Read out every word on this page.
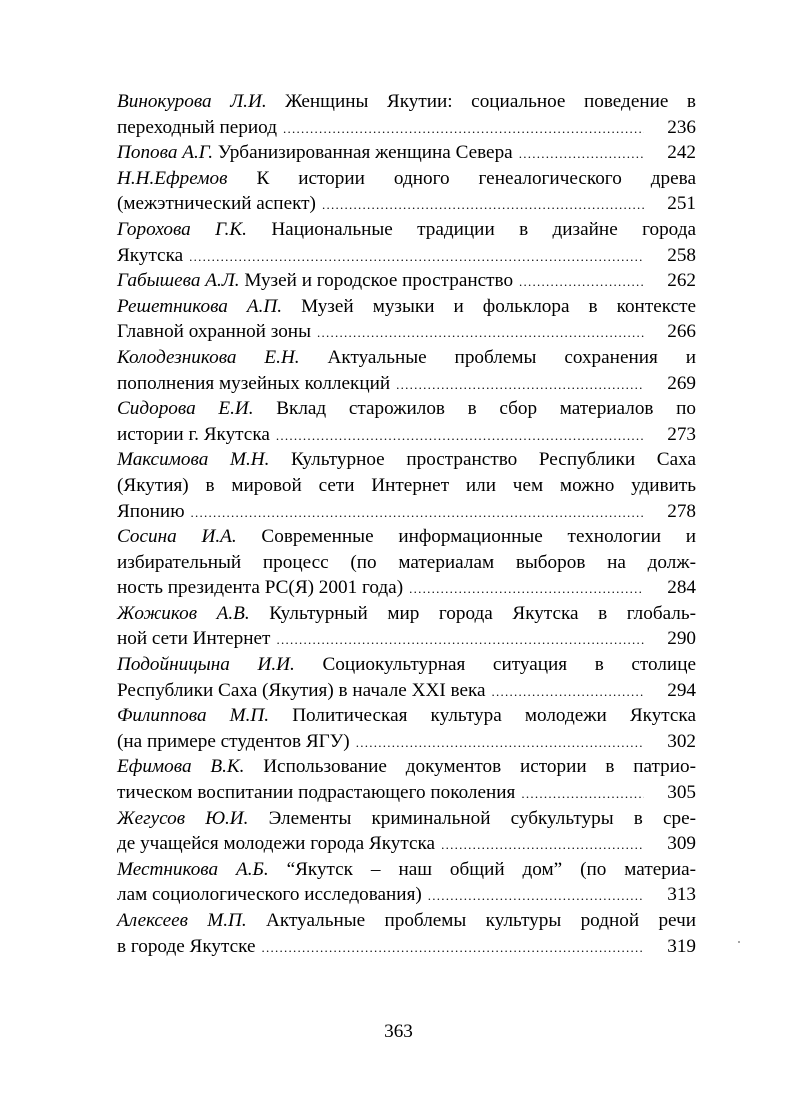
Винокурова Л.И. Женщины Якутии: социальное поведение в
переходный период . . .	236
Попова А.Г. Урбанизированная женщина Севера . . .	242
Н.Н.Ефремов К истории одного генеалогического древа
(межэтнический аспект) . . .	251
Горохова Г.К. Национальные традиции в дизайне города
Якутска . . .	258
Габышева А.Л. Музей и городское пространство . . .	262
Решетникова А.П. Музей музыки и фольклора в контексте
Главной охранной зоны . . .	266
Колодезникова Е.Н. Актуальные проблемы сохранения и
пополнения музейных коллекций . . .	269
Сидорова Е.И. Вклад старожилов в сбор материалов по
истории г. Якутска . . .	273
Максимова М.Н. Культурное пространство Республики Саха
(Якутия) в мировой сети Интернет или чем можно удивить
Японию . . .	278
Сосина И.А. Современные информационные технологии и
избирательный процесс (по материалам выборов на долж-
ность президента РС(Я) 2001 года) . . .	284
Жожиков А.В. Культурный мир города Якутска в глобаль-
ной сети Интернет . . .	290
Подойницына И.И. Социокультурная ситуация в столице
Республики Саха (Якутия) в начале XXI века . . .	294
Филиппова М.П. Политическая культура молодежи Якутска
(на примере студентов ЯГУ) . . .	302
Ефимова В.К. Использование документов истории в патрио-
тическом воспитании подрастающего поколения . . .	305
Жегусов Ю.И. Элементы криминальной субкультуры в сре-
де учащейся молодежи города Якутска . . .	309
Местникова А.Б. “Якутск – наш общий дом” (по материа-
лам социологического исследования) . . .	313
Алексеев М.П. Актуальные проблемы культуры родной речи
в городе Якутске . . .	319
363
